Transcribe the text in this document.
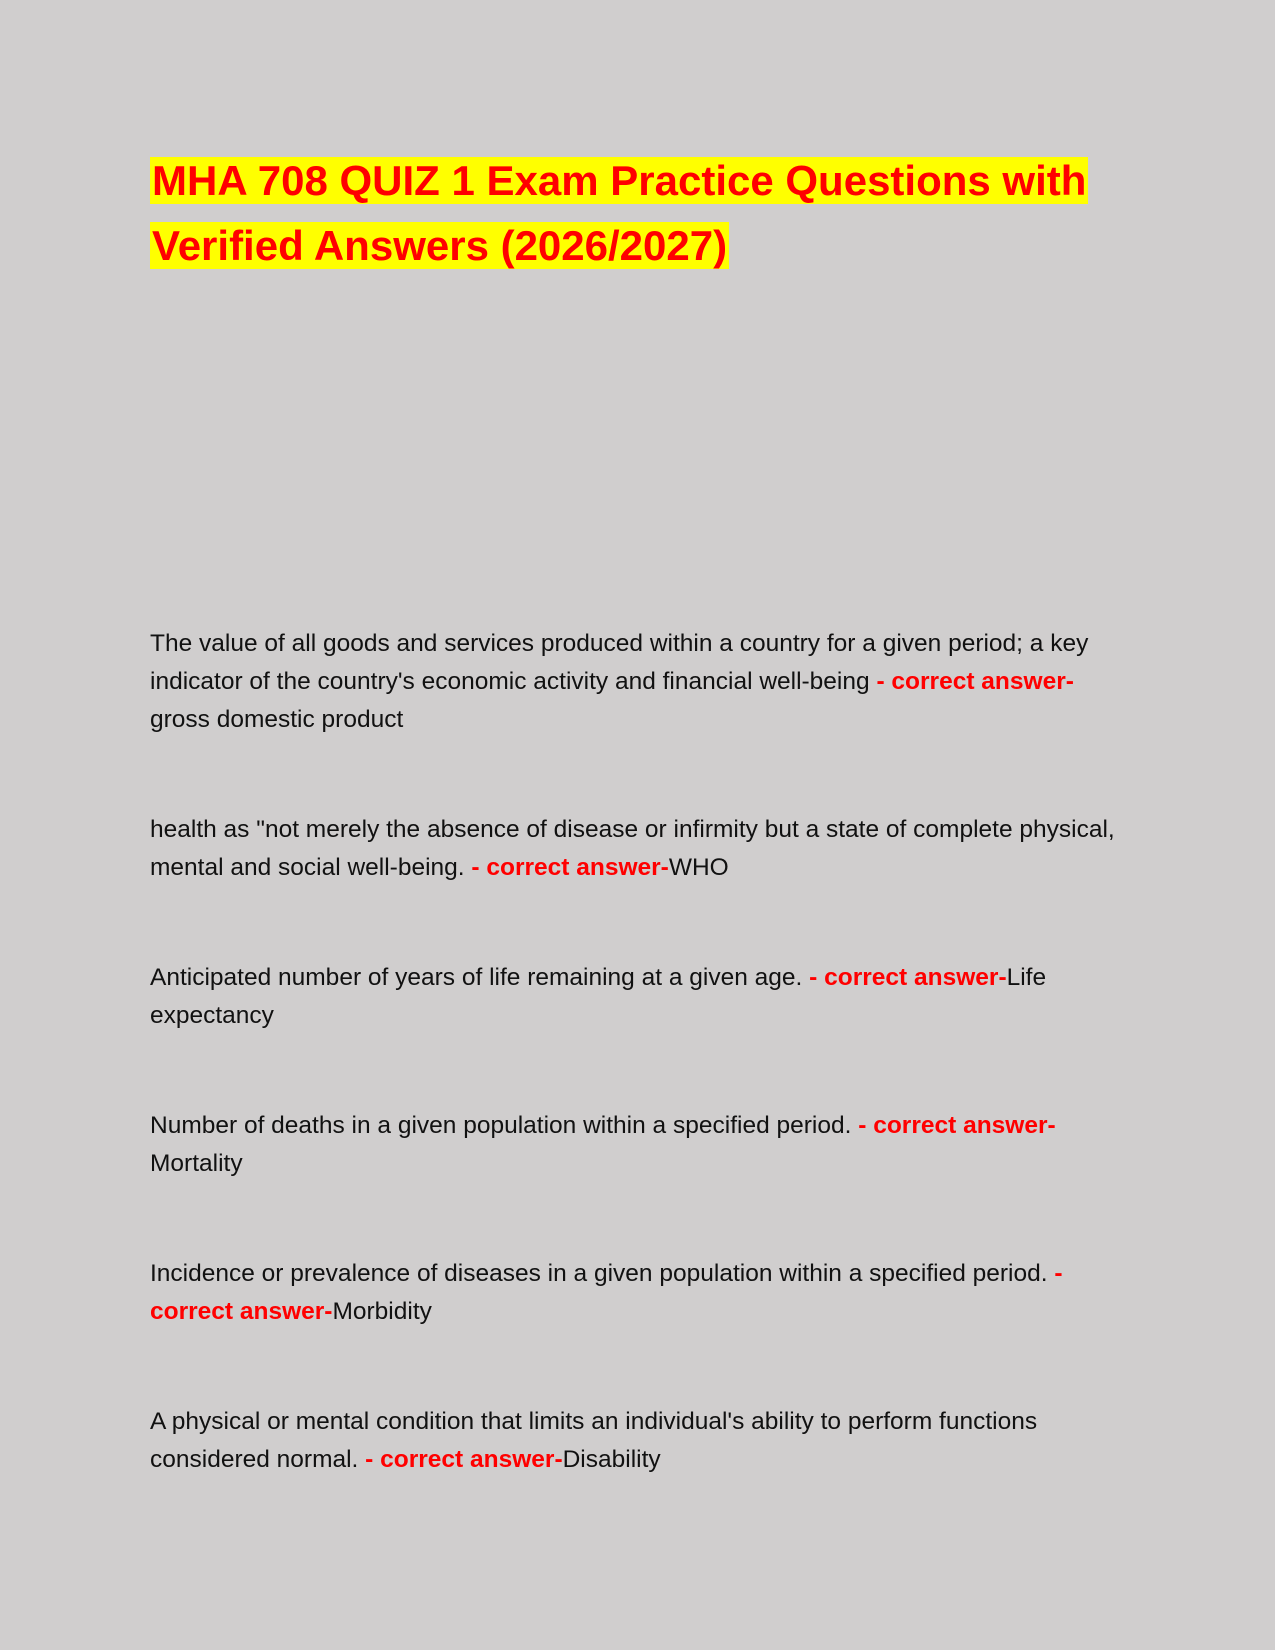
MHA 708 QUIZ 1 Exam Practice Questions with Verified Answers (2026/2027)

The value of all goods and services produced within a country for a given period; a key indicator of the country's economic activity and financial well-being - correct answer-gross domestic product

health as "not merely the absence of disease or infirmity but a state of complete physical, mental and social well-being. - correct answer-WHO

Anticipated number of years of life remaining at a given age. - correct answer-Life expectancy

Number of deaths in a given population within a specified period. - correct answer-Mortality

Incidence or prevalence of diseases in a given population within a specified period. - correct answer-Morbidity

A physical or mental condition that limits an individual's ability to perform functions considered normal. - correct answer-Disability
